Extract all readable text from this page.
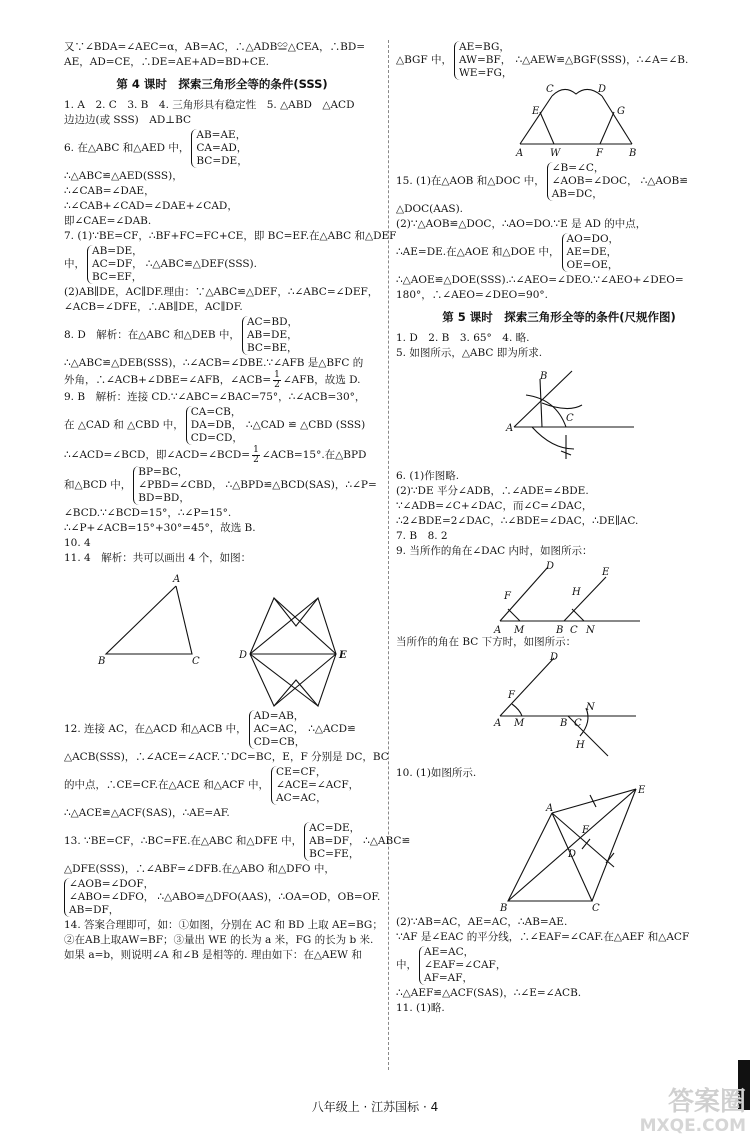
又∵∠BDA=∠AEC=α，AB=AC，∴△ADB≌△CEA，∴BD=

AE，AD=CE，∴DE=AE+AD=BD+CE.

第 4 课时　探索三角形全等的条件(SSS)

1. A　2. C　3. B　4. 三角形具有稳定性　5. △ABD　△ACD

边边边(或 SSS)　AD⊥BC

6. 在△ABC 和△AED 中，
AB=AE，
CA=AD，
BC=DE，

∴△ABC≌△AED(SSS)，

∴∠CAB=∠DAE，

∴∠CAB+∠CAD=∠DAE+∠CAD，

即∠CAE=∠DAB.

7. (1)∵BE=CF，∴BF+FC=FC+CE，即 BC=EF.在△ABC 和△DEF

中，
AB=DE，
AC=DF，
BC=EF，
∴△ABC≌△DEF(SSS).

(2)AB∥DE，AC∥DF.理由：∵△ABC≌△DEF，∴∠ABC=∠DEF，

∠ACB=∠DFE，∴AB∥DE，AC∥DF.

8. D　解析：在△ABC 和△DEB 中，
AC=BD，
AB=DE，
BC=BE，

∴△ABC≌△DEB(SSS)，∴∠ACB=∠DBE.∵∠AFB 是△BFC 的

外角，∴∠ACB+∠DBE=∠AFB，∠ACB= $\frac{1}{2}$ ∠AFB，故选 D.

9. B　解析：连接 CD.∵∠ABC=∠BAC=75°，∴∠ACB=30°，

在 △CAD 和 △CBD 中，
CA=CB，
DA=DB，
CD=CD，
∴△CAD ≌ △CBD (SSS)

∴∠ACD=∠BCD，即∠ACD=∠BCD= $\frac{1}{2}$ ∠ACB=15°.在△BPD

和△BCD 中，
BP=BC，
∠PBD=∠CBD，
BD=BD，
∴△BPD≌△BCD(SAS)，∴∠P=

∠BCD.∵∠BCD=15°，∴∠P=15°.

∴∠P+∠ACB=15°+30°=45°，故选 B.

10. 4

11. 4　解析：共可以画出 4 个，如图：

A
B	C
D	E
12. 连接 AC，在△ACD 和△ACB 中，
AD=AB，
AC=AC，
CD=CB，
∴△ACD≌

△ACB(SSS)，∴∠ACE=∠ACF.∵DC=BC，E，F 分别是 DC，BC

的中点，∴CE=CF.在△ACE 和△ACF 中，
CE=CF，
∠ACE=∠ACF，
AC=AC，

∴△ACE≌△ACF(SAS)，∴AE=AF.

13. ∵BE=CF，∴BC=FE.在△ABC 和△DFE 中，
AC=DE，
AB=DF，
BC=FE，
∴△ABC≌

△DFE(SSS)，∴∠ABF=∠DFB.在△ABO 和△DFO 中，

∠AOB=∠DOF，
∠ABO=∠DFO，
AB=DF，
∴△ABO≌△DFO(AAS)，∴OA=OD，OB=OF.

14. 答案合理即可，如：①如图，分别在 AC 和 BD 上取 AE=BG；

②在AB上取AW=BF；③量出 WE 的长为 a 米，FG 的长为 b 米.

如果 a=b，则说明∠A 和∠B 是相等的. 理由如下：在△AEW 和

△BGF 中，
AE=BG，
AW=BF，
WE=FG，
∴△AEW≌△BGF(SSS)，∴∠A=∠B.
C	D
E	G
A	W	F	B
15. (1)在△AOB 和△DOC 中，
∠B=∠C，
∠AOB=∠DOC，
AB=DC，
∴△AOB≌

△DOC(AAS).

(2)∵△AOB≌△DOC，∴AO=DO.∵E 是 AD 的中点，

∴AE=DE.在△AOE 和△DOE 中，
AO=DO，
AE=DE，
OE=OE，

∴△AOE≌△DOE(SSS).∴∠AEO=∠DEO.∵∠AEO+∠DEO=

180°，∴∠AEO=∠DEO=90°.

第 5 课时　探索三角形全等的条件(尺规作图)

1. D　2. B　3. 65°　4. 略.

5. 如图所示，△ABC 即为所求.

A
B
C

6. (1)作图略.

(2)∵DE 平分∠ADB，∴∠ADE=∠BDE.

∵∠ADB=∠C+∠DAC，而∠C=∠DAC，

∴2∠BDE=2∠DAC，∴∠BDE=∠DAC，∴DE∥AC.

7. B　8. 2

9. 当所作的角在∠DAC 内时，如图所示：

F	H
E
D
A M	B C N

当所作的角在 BC 下方时，如图所示：

D
F
A M	B C
N
H

10. (1)如图所示.

A
E
F
D
B	C

(2)∵AB=AC，AE=AC，∴AB=AE.

∵AF 是∠EAC 的平分线，∴∠EAF=∠CAF.在△AEF 和△ACF

中，
AE=AC，
∠EAF=∠CAF，
AF=AF，

∴△AEF≌△ACF(SAS)，∴∠E=∠ACB.

11. (1)略.

八年级上 · 江苏国标 · 4	答案圈
MXQE.COM
